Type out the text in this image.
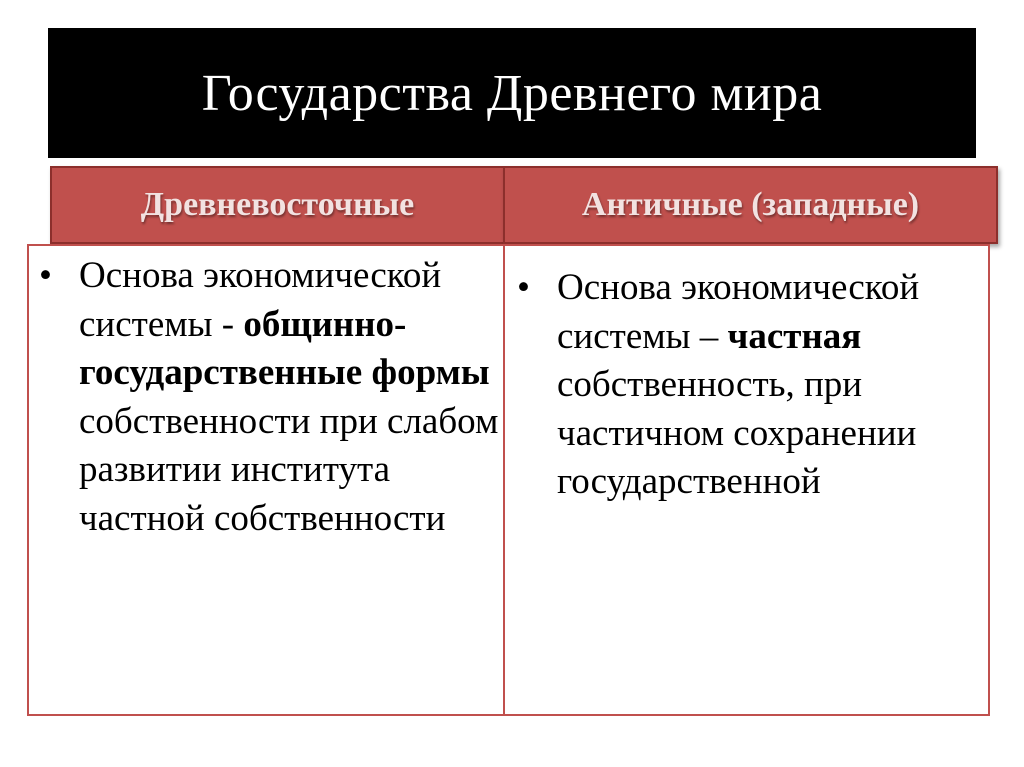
Государства Древнего мира
Древневосточные	Античные (западные)
• Основа экономической системы - общинно-государственные формы собственности при слабом развитии института частной собственности
• Основа экономической системы – частная собственность, при частичном сохранении государственной
